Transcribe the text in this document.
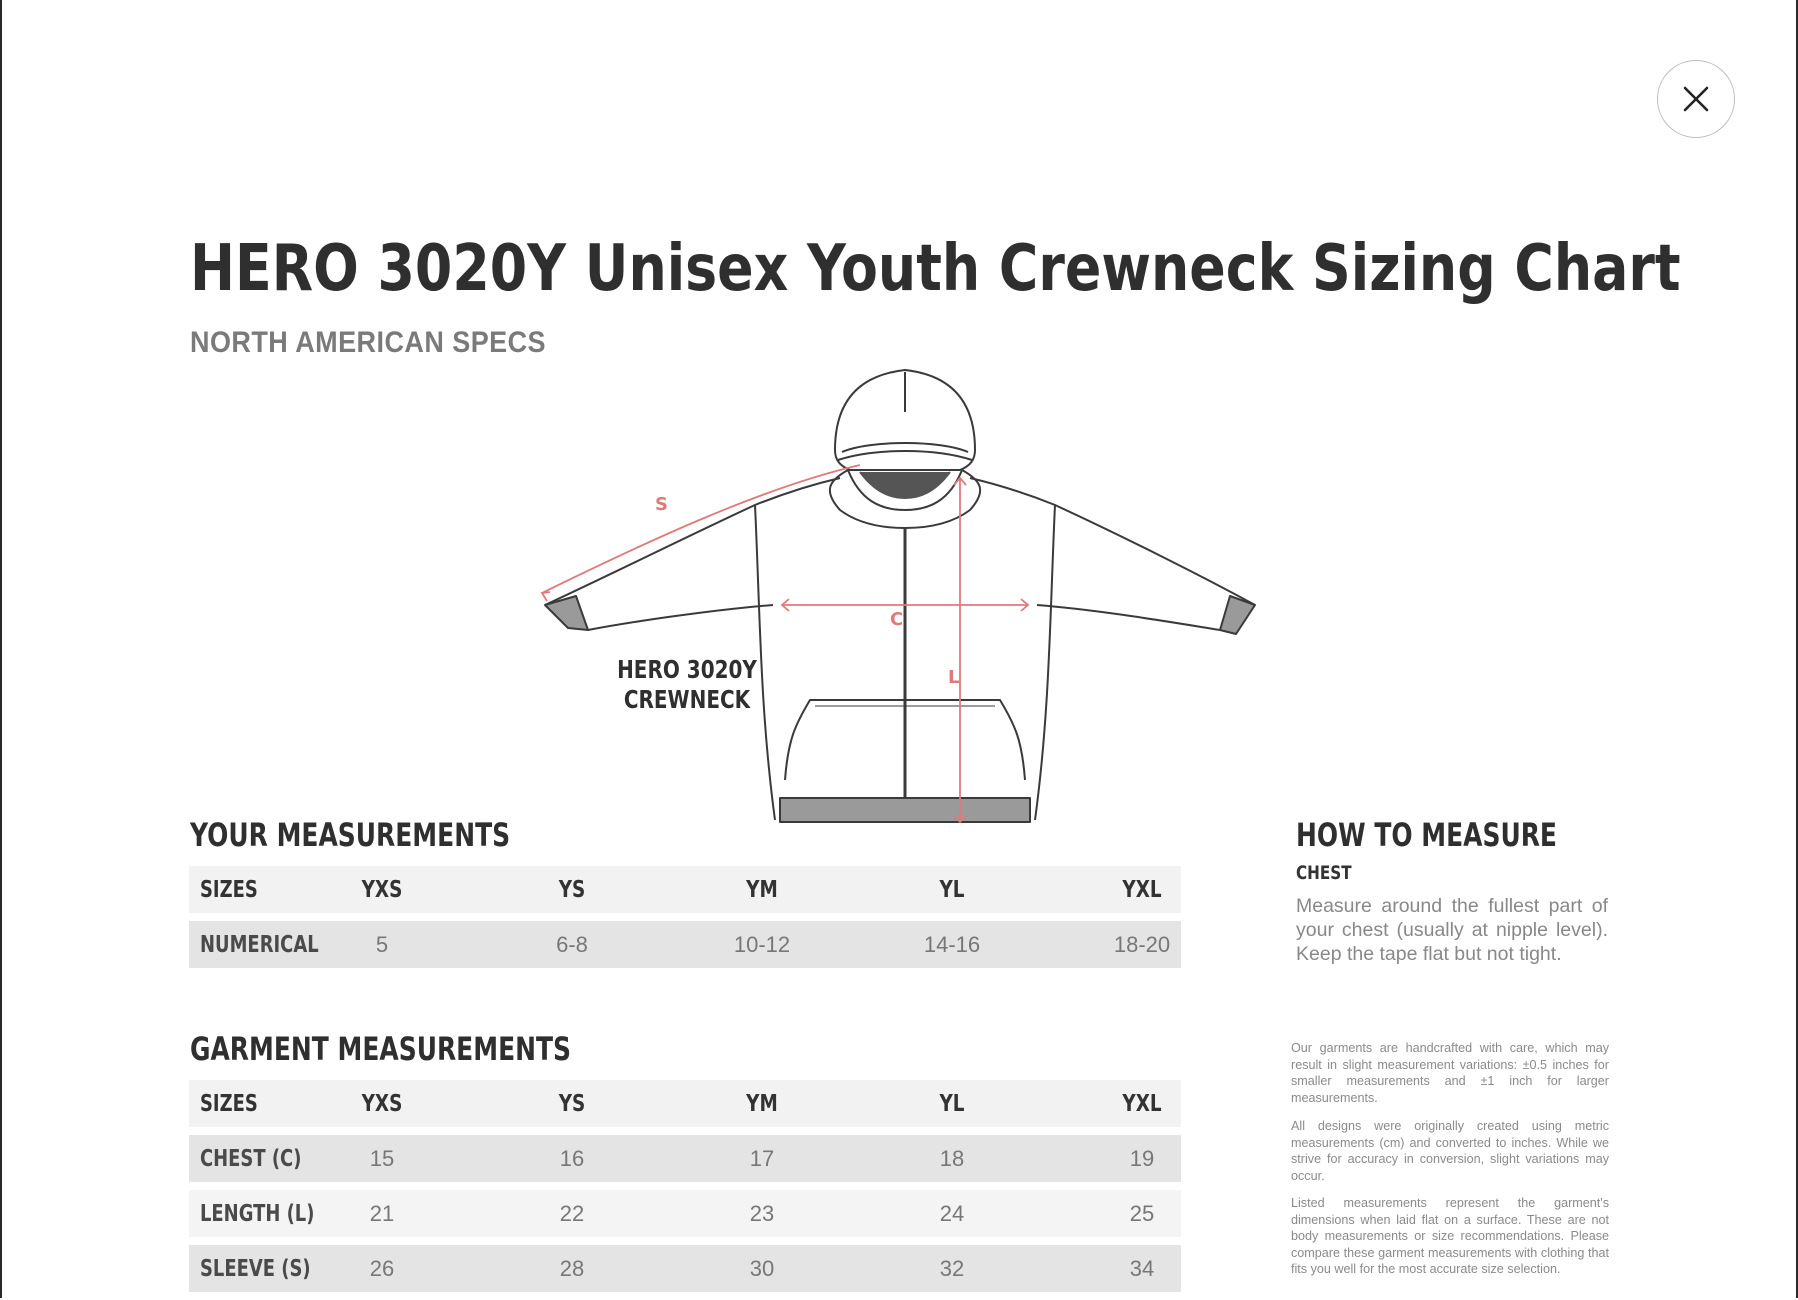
HERO 3020Y Unisex Youth Crewneck Sizing Chart
NORTH AMERICAN SPECS
S
C
L
HERO 3020Y
CREWNECK
YOUR MEASUREMENTS
SIZES	YXS	YS	YM	YL	YXL
NUMERICAL	5	6-8	10-12	14-16	18-20
GARMENT MEASUREMENTS
SIZES	YXS	YS	YM	YL	YXL
CHEST (C)	15	16	17	18	19
LENGTH (L)	21	22	23	24	25
SLEEVE (S)	26	28	30	32	34
HOW TO MEASURE
CHEST

Measure around the fullest part of your chest (usually at nipple level). Keep the tape flat but not tight.

Our garments are handcrafted with care, which may result in slight measurement variations: ±0.5 inches for smaller measurements and ±1 inch for larger measurements.

All designs were originally created using metric measurements (cm) and converted to inches. While we strive for accuracy in conversion, slight variations may occur.

Listed measurements represent the garment's dimensions when laid flat on a surface. These are not body measurements or size recommendations. Please compare these garment measurements with clothing that fits you well for the most accurate size selection.
